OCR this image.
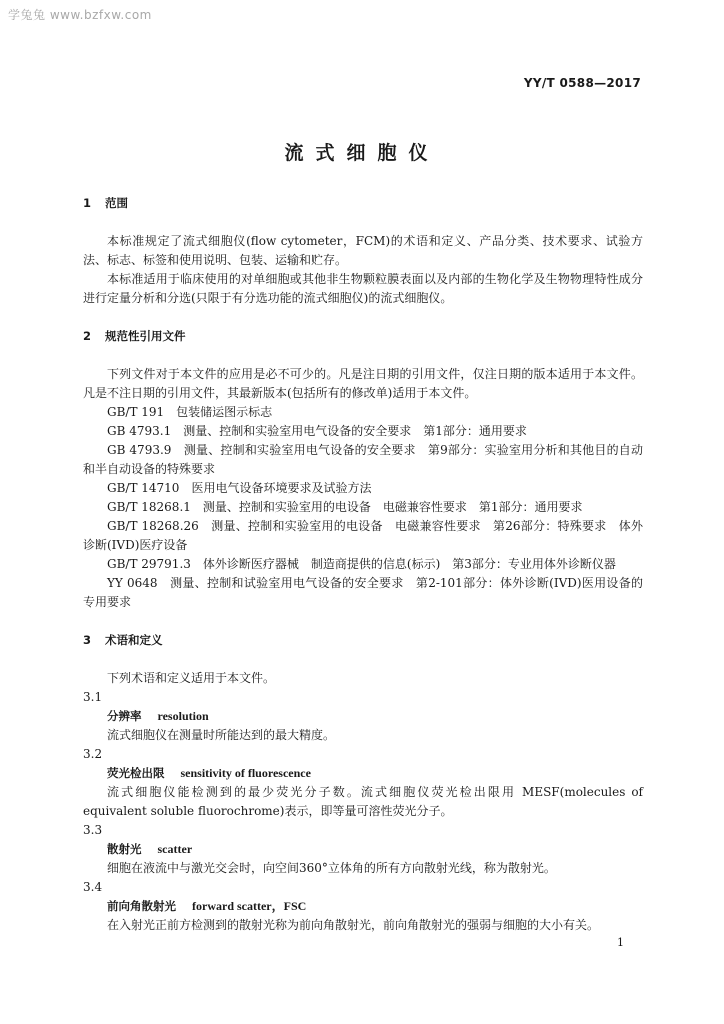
学兔兔 www.bzfxw.com
YY/T 0588—2017
流式细胞仪
1 范围

本标准规定了流式细胞仪(flow cytometer，FCM)的术语和定义、产品分类、技术要求、试验方法、标志、标签和使用说明、包装、运输和贮存。

本标准适用于临床使用的对单细胞或其他非生物颗粒膜表面以及内部的生物化学及生物物理特性成分进行定量分析和分选(只限于有分选功能的流式细胞仪)的流式细胞仪。

2 规范性引用文件

下列文件对于本文件的应用是必不可少的。凡是注日期的引用文件，仅注日期的版本适用于本文件。凡是不注日期的引用文件，其最新版本(包括所有的修改单)适用于本文件。

GB/T 191　包装储运图示标志

GB 4793.1　测量、控制和实验室用电气设备的安全要求　第1部分：通用要求

GB 4793.9　测量、控制和实验室用电气设备的安全要求　第9部分：实验室用分析和其他目的自动和半自动设备的特殊要求

GB/T 14710　医用电气设备环境要求及试验方法

GB/T 18268.1　测量、控制和实验室用的电设备　电磁兼容性要求　第1部分：通用要求

GB/T 18268.26　测量、控制和实验室用的电设备　电磁兼容性要求　第26部分：特殊要求　体外诊断(IVD)医疗设备

GB/T 29791.3　体外诊断医疗器械　制造商提供的信息(标示)　第3部分：专业用体外诊断仪器

YY 0648　测量、控制和试验室用电气设备的安全要求　第2-101部分：体外诊断(IVD)医用设备的专用要求

3 术语和定义

下列术语和定义适用于本文件。

3.1
分辨率 resolution

流式细胞仪在测量时所能达到的最大精度。

3.2
荧光检出限 sensitivity of fluorescence

流式细胞仪能检测到的最少荧光分子数。流式细胞仪荧光检出限用 MESF(molecules of equivalent soluble fluorochrome)表示，即等量可溶性荧光分子。

3.3
散射光 scatter

细胞在液流中与激光交会时，向空间360°立体角的所有方向散射光线，称为散射光。

3.4
前向角散射光 forward scatter，FSC

在入射光正前方检测到的散射光称为前向角散射光，前向角散射光的强弱与细胞的大小有关。

1
